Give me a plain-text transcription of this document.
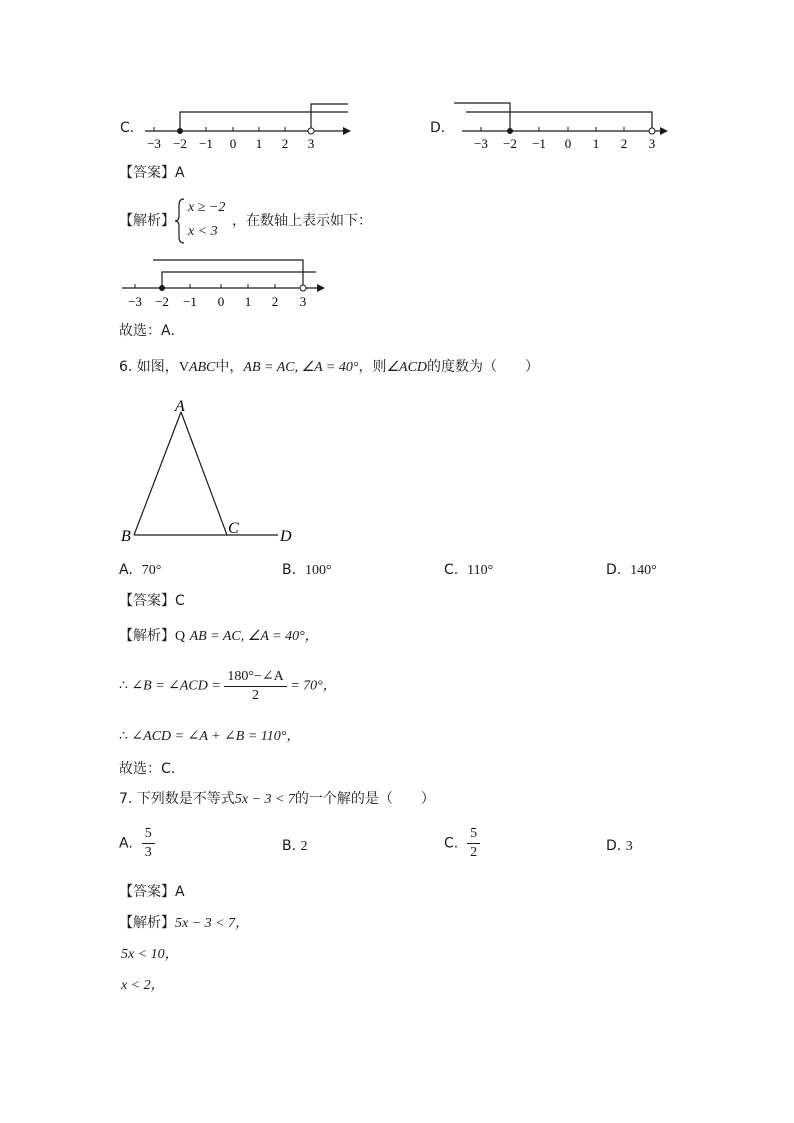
C.
−3 −2 −1 0 1 2 3
D.
−3 −2 −1 0 1 2 3
【答案】A
【解析】
x ≥ −2
x < 3
，在数轴上表示如下：
−3 −2 −1 0 1 2 3
故选：A．
6. 如图，VABC中，AB = AC, ∠A = 40°，则∠ACD的度数为（　　）
A
B	C	D
A. 70°	B. 100°	C. 110°	D. 140°
【答案】C
【解析】Q AB = AC, ∠A = 40°，
∴ ∠B = ∠ACD = $\frac{180^\circ-\angle A}{2} = 70^\circ$，
∴ ∠ACD = ∠A + ∠B = 110°，
故选：C．
7. 下列数是不等式5x − 3 < 7的一个解的是（　　）
A. $\frac{5}{3}$	B. 2	C. $\frac{5}{2}$	D. 3
【答案】A
【解析】5x − 3 < 7，
5x < 10，
x < 2，
